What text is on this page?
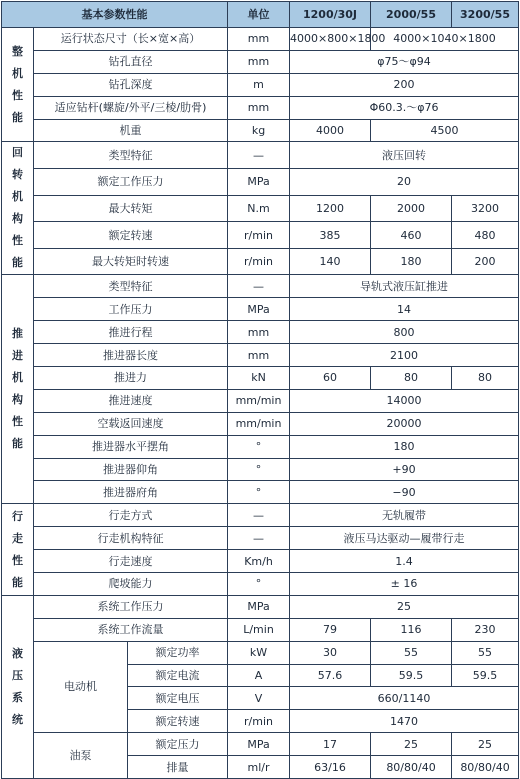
基本参数性能			单位	1200/30J	2000/55	3200/55
整机性能	运行状态尺寸（长×宽×高）		mm	4000×800×1800	4000×1040×1800	
	钻孔直径		mm	φ75～φ94		
	钻孔深度		m	200		
	适应钻杆(螺旋/外平/三棱/肋骨)		mm	Φ60.3.～φ76		
	机重		kg	4000	4500	
回转机构性能	类型特征		—	液压回转		
	额定工作压力		MPa	20		
	最大转矩		N.m	1200	2000	3200
	额定转速		r/min	385	460	480
	最大转矩时转速		r/min	140	180	200
推进机构性能	类型特征		—	导轨式液压缸推进		
	工作压力		MPa	14		
	推进行程		mm	800		
	推进器长度		mm	2100		
	推进力		kN	60	80	80
	推进速度		mm/min	14000		
	空载返回速度		mm/min	20000		
	推进器水平摆角		°	180		
	推进器仰角		°	+90		
	推进器府角		°	−90		
行走性能	行走方式		—	无轨履带		
	行走机构特征		—	液压马达驱动—履带行走		
	行走速度		Km/h	1.4		
	爬坡能力		°	± 16		
液压系统	系统工作压力		MPa	25		
	系统工作流量		L/min	79	116	230
	电动机	额定功率	kW	30	55	55
		额定电流	A	57.6	59.5	59.5
		额定电压	V	660/1140		
		额定转速	r/min	1470		
	油泵	额定压力	MPa	17	25	25
		排量	ml/r	63/16	80/80/40	80/80/40
